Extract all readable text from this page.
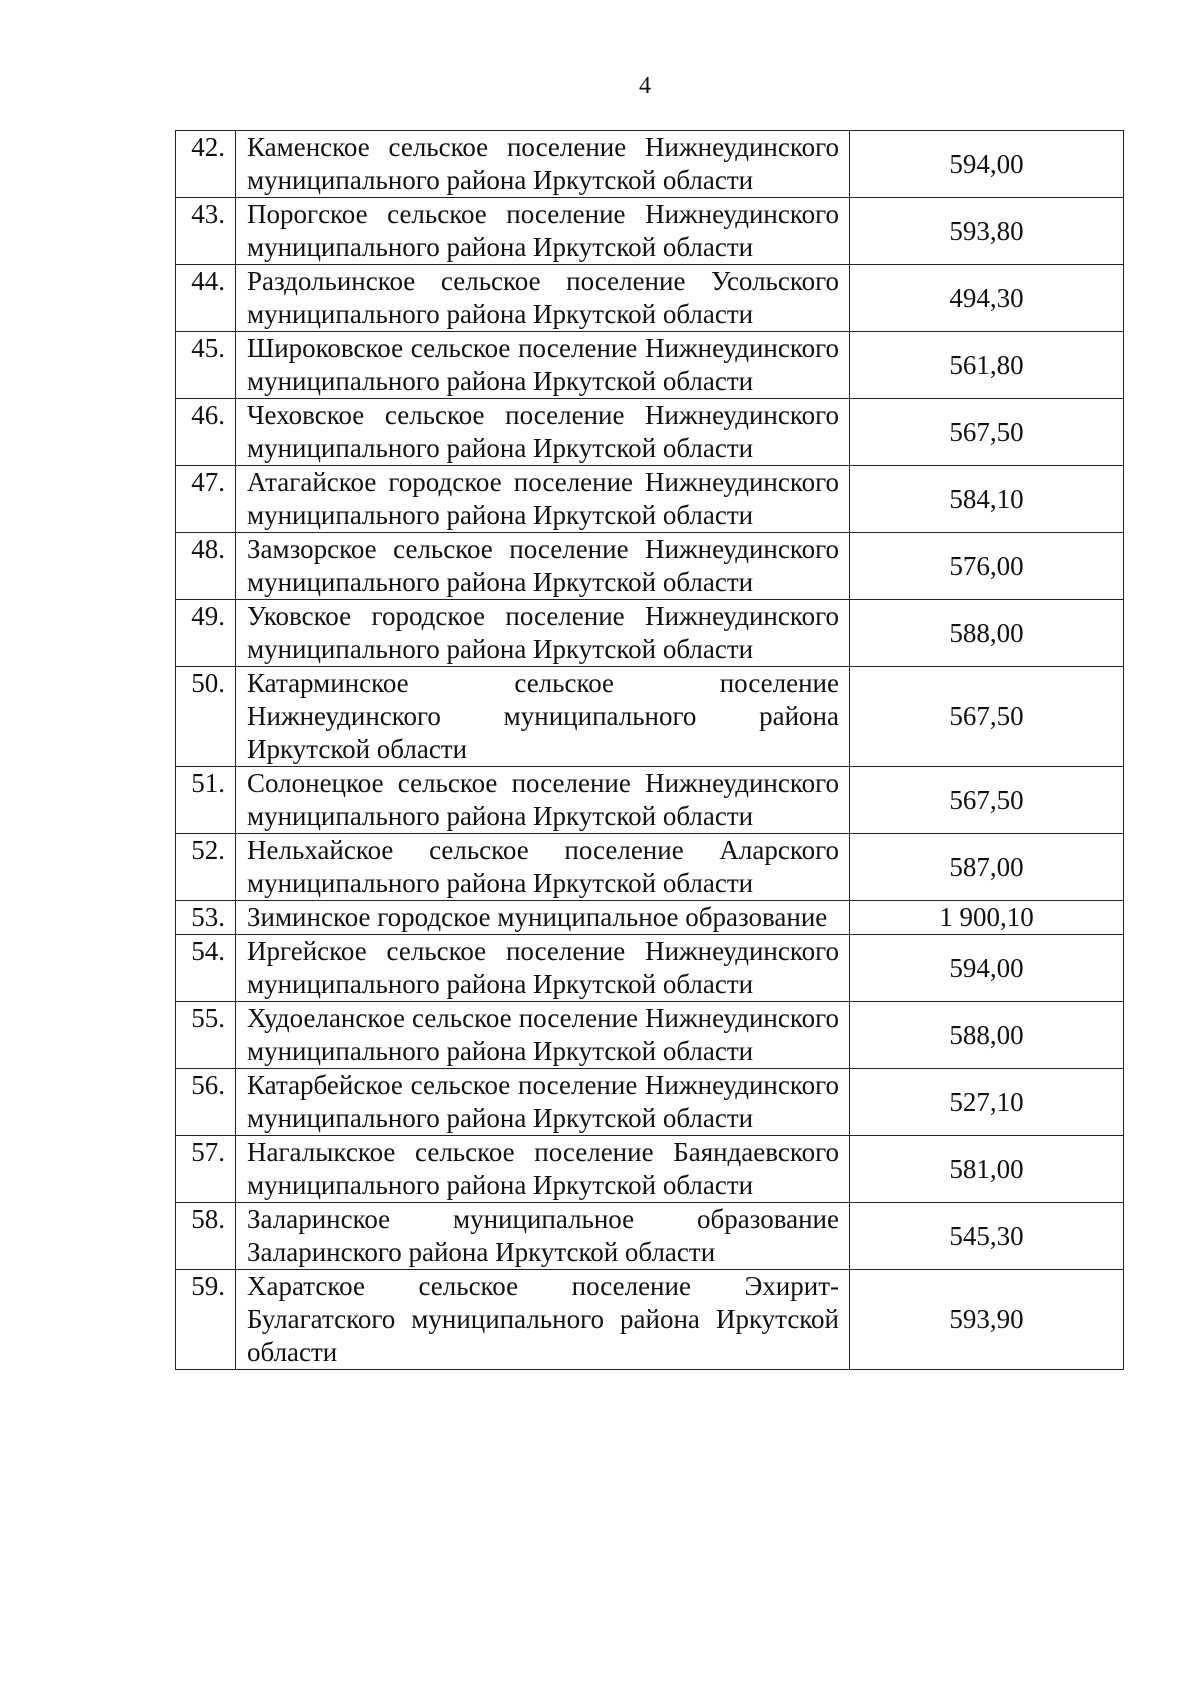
4
42.	Каменское сельское поселение Нижнеудинского муниципального района Иркутской области	594,00
43.	Порогское сельское поселение Нижнеудинского муниципального района Иркутской области	593,80
44.	Раздольинское сельское поселение Усольского муниципального района Иркутской области	494,30
45.	Широковское сельское поселение Нижнеудинского муниципального района Иркутской области	561,80
46.	Чеховское сельское поселение Нижнеудинского муниципального района Иркутской области	567,50
47.	Атагайское городское поселение Нижнеудинского муниципального района Иркутской области	584,10
48.	Замзорское сельское поселение Нижнеудинского муниципального района Иркутской области	576,00
49.	Уковское городское поселение Нижнеудинского муниципального района Иркутской области	588,00
50.	Катарминское сельское поселение Нижнеудинского муниципального района Иркутской области	567,50
51.	Солонецкое сельское поселение Нижнеудинского муниципального района Иркутской области	567,50
52.	Нельхайское сельское поселение Аларского муниципального района Иркутской области	587,00
53.	Зиминское городское муниципальное образование	1 900,10
54.	Иргейское сельское поселение Нижнеудинского муниципального района Иркутской области	594,00
55.	Худоеланское сельское поселение Нижнеудинского муниципального района Иркутской области	588,00
56.	Катарбейское сельское поселение Нижнеудинского муниципального района Иркутской области	527,10
57.	Нагалыкское сельское поселение Баяндаевского муниципального района Иркутской области	581,00
58.	Заларинское муниципальное образование Заларинского района Иркутской области	545,30
59.	Харатское сельское поселение Эхирит-Булагатского муниципального района Иркутской области	593,90
